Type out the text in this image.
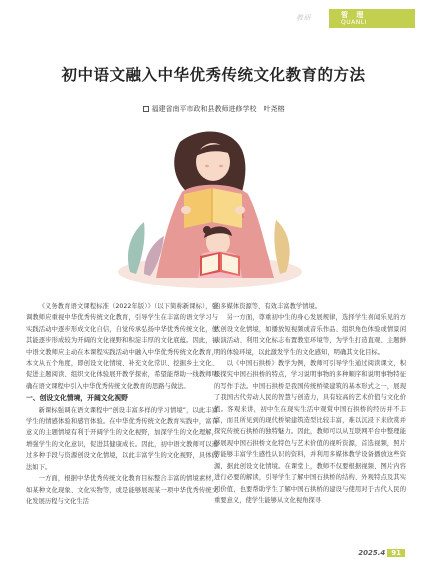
教研	管 理
QUANLI
初中语文融入中华优秀传统文化教育的方法
福建省南平市政和县教师进修学校　叶尧榕

《义务教育语文课程标准（2022年版）》（以下简称新课标），强调教师应重视中华优秀传统文化教育，引导学生在丰富的语文学习与实践活动中逐步形成文化自信，自觉传承弘扬中华优秀传统文化，使其能逐步形成较为开阔的文化视野和积淀丰厚的文化底蕴。因此，初中语文教师应主动在本课程实践活动中融入中华优秀传统文化教育，本文从五个角度，即创设文化情境、补充文化常识、挖掘乡土文化、促进主题阅读、组织文化体验展开教学探索，希望能帮助一线教师明确在语文课程中引入中华优秀传统文化教育的思路与做法。

一、创设文化情境，开阔文化视野

新课标强调在语文课程中“创设丰富多样的学习情境”，以此丰富学生的情感体验和感官体验。在中华优秀传统文化教育实践中，富有意义的主题情境有利于开阔学生的文化视野，加深学生的文化理解，增强学生的文化意识，促进其健康成长。因此，初中语文教师可以通过多种手段与资源创设文化情境，以此丰富学生的文化视野，具体做法如下。

一方面，根据中华优秀传统文化教育目标整合丰富的情境素材，如某种文化现象、文化实物等，或是能够展现某一项中华优秀传统文化发展历程与文化生活

的多媒体资源等，有效丰富教学情境。

另一方面，尊重初中生的身心发展规律，选择学生喜闻乐见的方式创设文化情境，如播放短视频或音乐作品、组织角色体验或情景闲表演活动、利用文化标志布置教室环境等，为学生打造直观、主题鲜明的体验环境，以此激发学生的文化感知，明确其文化目标。

以《中国石拱桥》教学为例，教师可引导学生通过阅读课文，积极探究中国石拱桥的特点，学习说明事物的多种顺序和说明事物特征的写作手法。中国石拱桥是我国传统桥梁建筑的基本形式之一，展现了我国古代劳动人民的智慧与创造力，具有较高的艺术价值与文化价值。客观来讲，初中生在现实生活中观赏中国石拱桥的经历并不丰富，而且所见到的现代桥梁建筑造型比较丰富，难以沉浸下来欣赏并探究传统石拱桥的独特魅力。因此，教师可以从互联网平台中整理能够展现中国石拱桥文化特色与艺术价值的视听资源，首选视频，照片等能够丰富学生感性认识的资料，并利用多媒体教学设备播放这些资源，据此创设文化情境。在课堂上，教师不仅要根据视频、图片内容进行必要的解读，引导学生了解中国石拱桥的结构、外观特点及其实用价值，也要帮助学生了解中国石拱桥的建设与使用对于古代人民的重要意义，使学生能够从文化视角探寻

2025.4 91
